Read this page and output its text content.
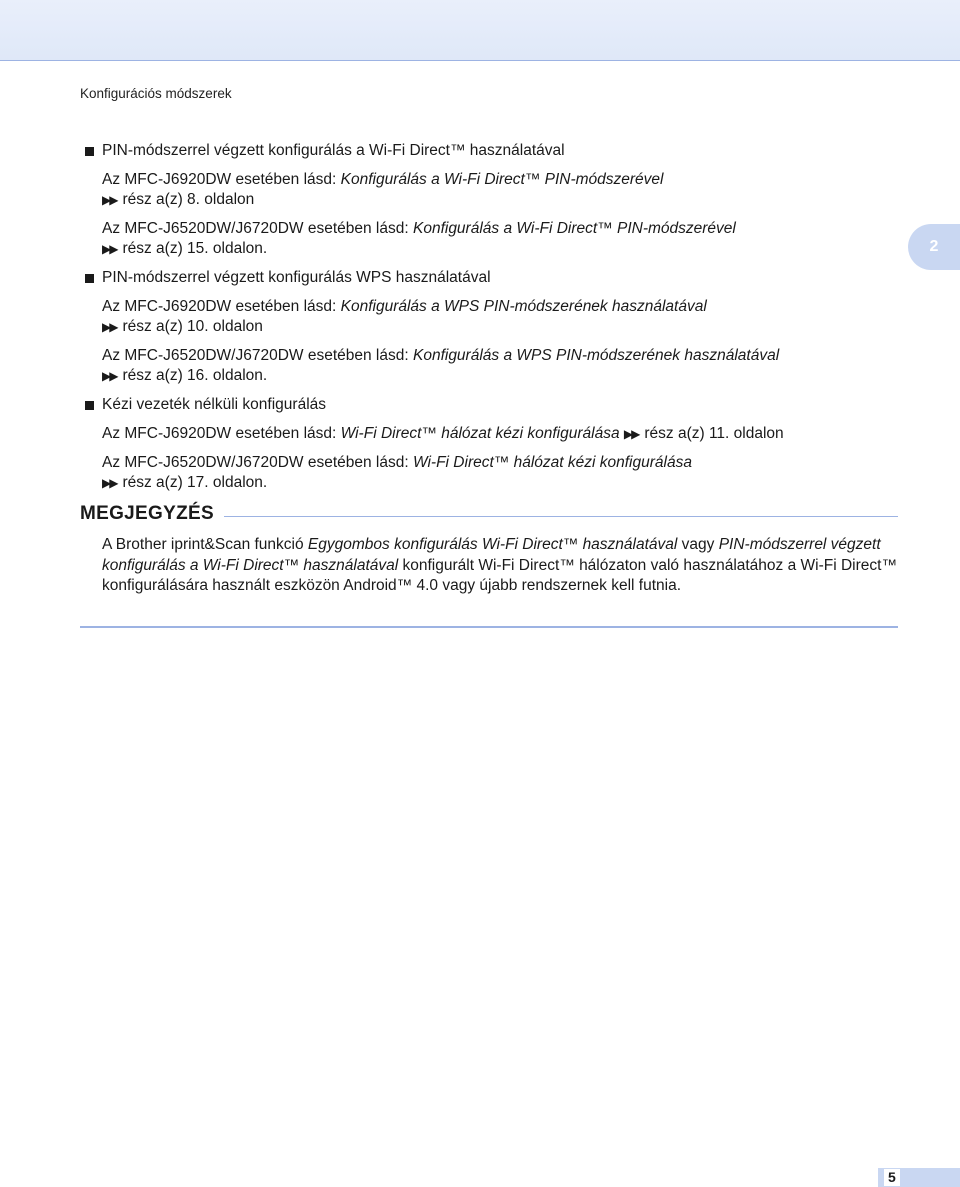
Konfigurációs módszerek
2
PIN-módszerrel végzett konfigurálás a Wi-Fi Direct™ használatával
Az MFC-J6920DW esetében lásd: Konfigurálás a Wi-Fi Direct™ PIN-módszerével
▶▶ rész a(z) 8. oldalon
Az MFC-J6520DW/J6720DW esetében lásd: Konfigurálás a Wi-Fi Direct™ PIN-módszerével
▶▶ rész a(z) 15. oldalon.
PIN-módszerrel végzett konfigurálás WPS használatával
Az MFC-J6920DW esetében lásd: Konfigurálás a WPS PIN-módszerének használatával
▶▶ rész a(z) 10. oldalon
Az MFC-J6520DW/J6720DW esetében lásd: Konfigurálás a WPS PIN-módszerének használatával
▶▶ rész a(z) 16. oldalon.
Kézi vezeték nélküli konfigurálás
Az MFC-J6920DW esetében lásd: Wi-Fi Direct™ hálózat kézi konfigurálása ▶▶ rész a(z) 11. oldalon
Az MFC-J6520DW/J6720DW esetében lásd: Wi-Fi Direct™ hálózat kézi konfigurálása
▶▶ rész a(z) 17. oldalon.
MEGJEGYZÉS
A Brother iprint&Scan funkció Egygombos konfigurálás Wi-Fi Direct™ használatával vagy PIN-módszerrel végzett konfigurálás a Wi-Fi Direct™ használatával konfigurált Wi-Fi Direct™ hálózaton való használatához a Wi-Fi Direct™ konfigurálására használt eszközön Android™ 4.0 vagy újabb rendszernek kell futnia.
5
